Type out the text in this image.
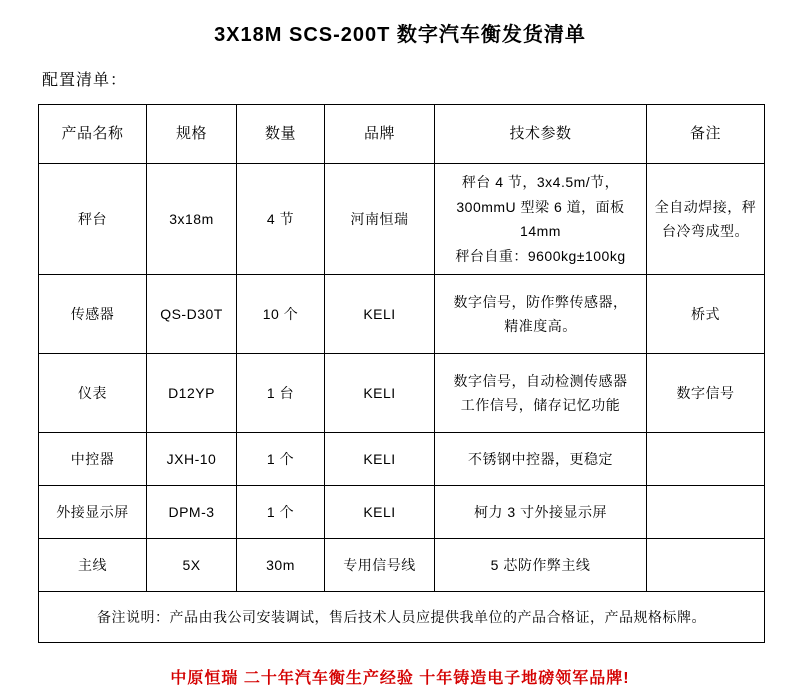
3X18M SCS-200T 数字汽车衡发货清单
配置清单：
产品名称	规格	数量	品牌	技术参数	备注
秤台	3x18m	4 节	河南恒瑞	秤台 4 节，3x4.5m/节，
300mmU 型梁 6 道，面板 14mm
秤台自重：9600kg±100kg	全自动焊接，秤
台冷弯成型。

传感器	QS-D30T	10 个	KELI	数字信号，防作弊传感器，
精准度高。	桥式
仪表	D12YP	1 台	KELI	数字信号，自动检测传感器
工作信号，储存记忆功能	数字信号
中控器	JXH-10	1 个	KELI	不锈钢中控器，更稳定	
外接显示屏	DPM-3	1 个	KELI	柯力 3 寸外接显示屏	
主线	5X	30m	专用信号线	5 芯防作弊主线	
备注说明：产品由我公司安装调试，售后技术人员应提供我单位的产品合格证，产品规格标牌。					
中原恒瑞 二十年汽车衡生产经验 十年铸造电子地磅领军品牌!
